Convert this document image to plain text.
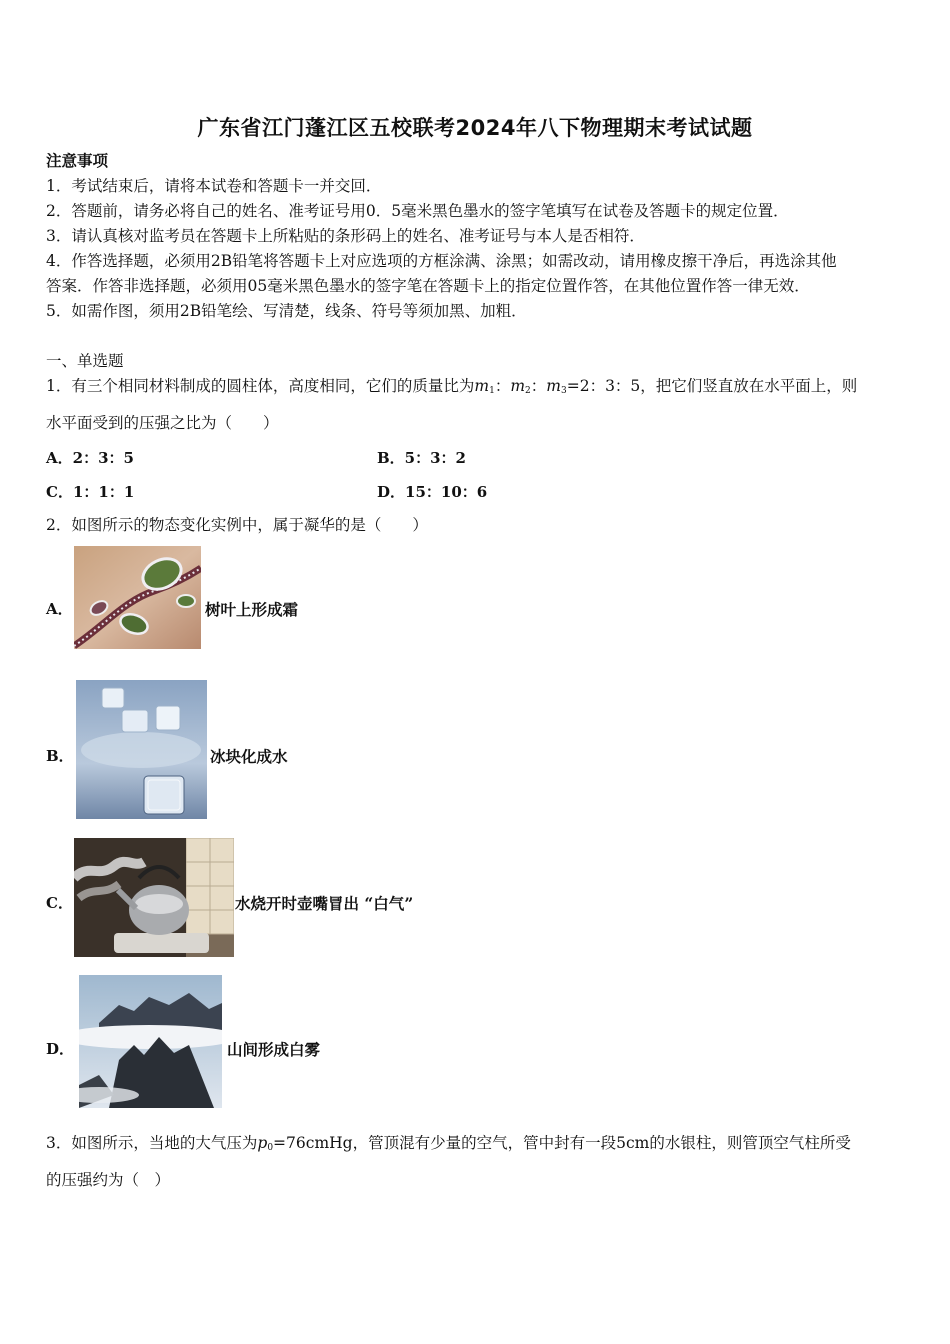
广东省江门蓬江区五校联考2024年八下物理期末考试试题
注意事项
1．考试结束后，请将本试卷和答题卡一并交回．
2．答题前，请务必将自己的姓名、准考证号用0．5毫米黑色墨水的签字笔填写在试卷及答题卡的规定位置．
3．请认真核对监考员在答题卡上所粘贴的条形码上的姓名、准考证号与本人是否相符．
4．作答选择题，必须用2B铅笔将答题卡上对应选项的方框涂满、涂黑；如需改动，请用橡皮擦干净后，再选涂其他
答案．作答非选择题，必须用05毫米黑色墨水的签字笔在答题卡上的指定位置作答，在其他位置作答一律无效．
5．如需作图，须用2B铅笔绘、写清楚，线条、符号等须加黑、加粗．
一、单选题
1．有三个相同材料制成的圆柱体，高度相同，它们的质量比为$m_1$：$m_2$：$m_3=2$：3：5，把它们竖直放在水平面上，则
水平面受到的压强之比为（　　）
A．2：3：5	B．5：3：2
C．1：1：1	D．15：10：6
2．如图所示的物态变化实例中，属于凝华的是（　　）
A．	树叶上形成霜
B．	冰块化成水
C．	水烧开时壶嘴冒出 “白气”
D．	山间形成白雾
3．如图所示，当地的大气压为$p_0=76cmHg$，管顶混有少量的空气，管中封有一段5cm的水银柱，则管顶空气柱所受
的压强约为（　）
